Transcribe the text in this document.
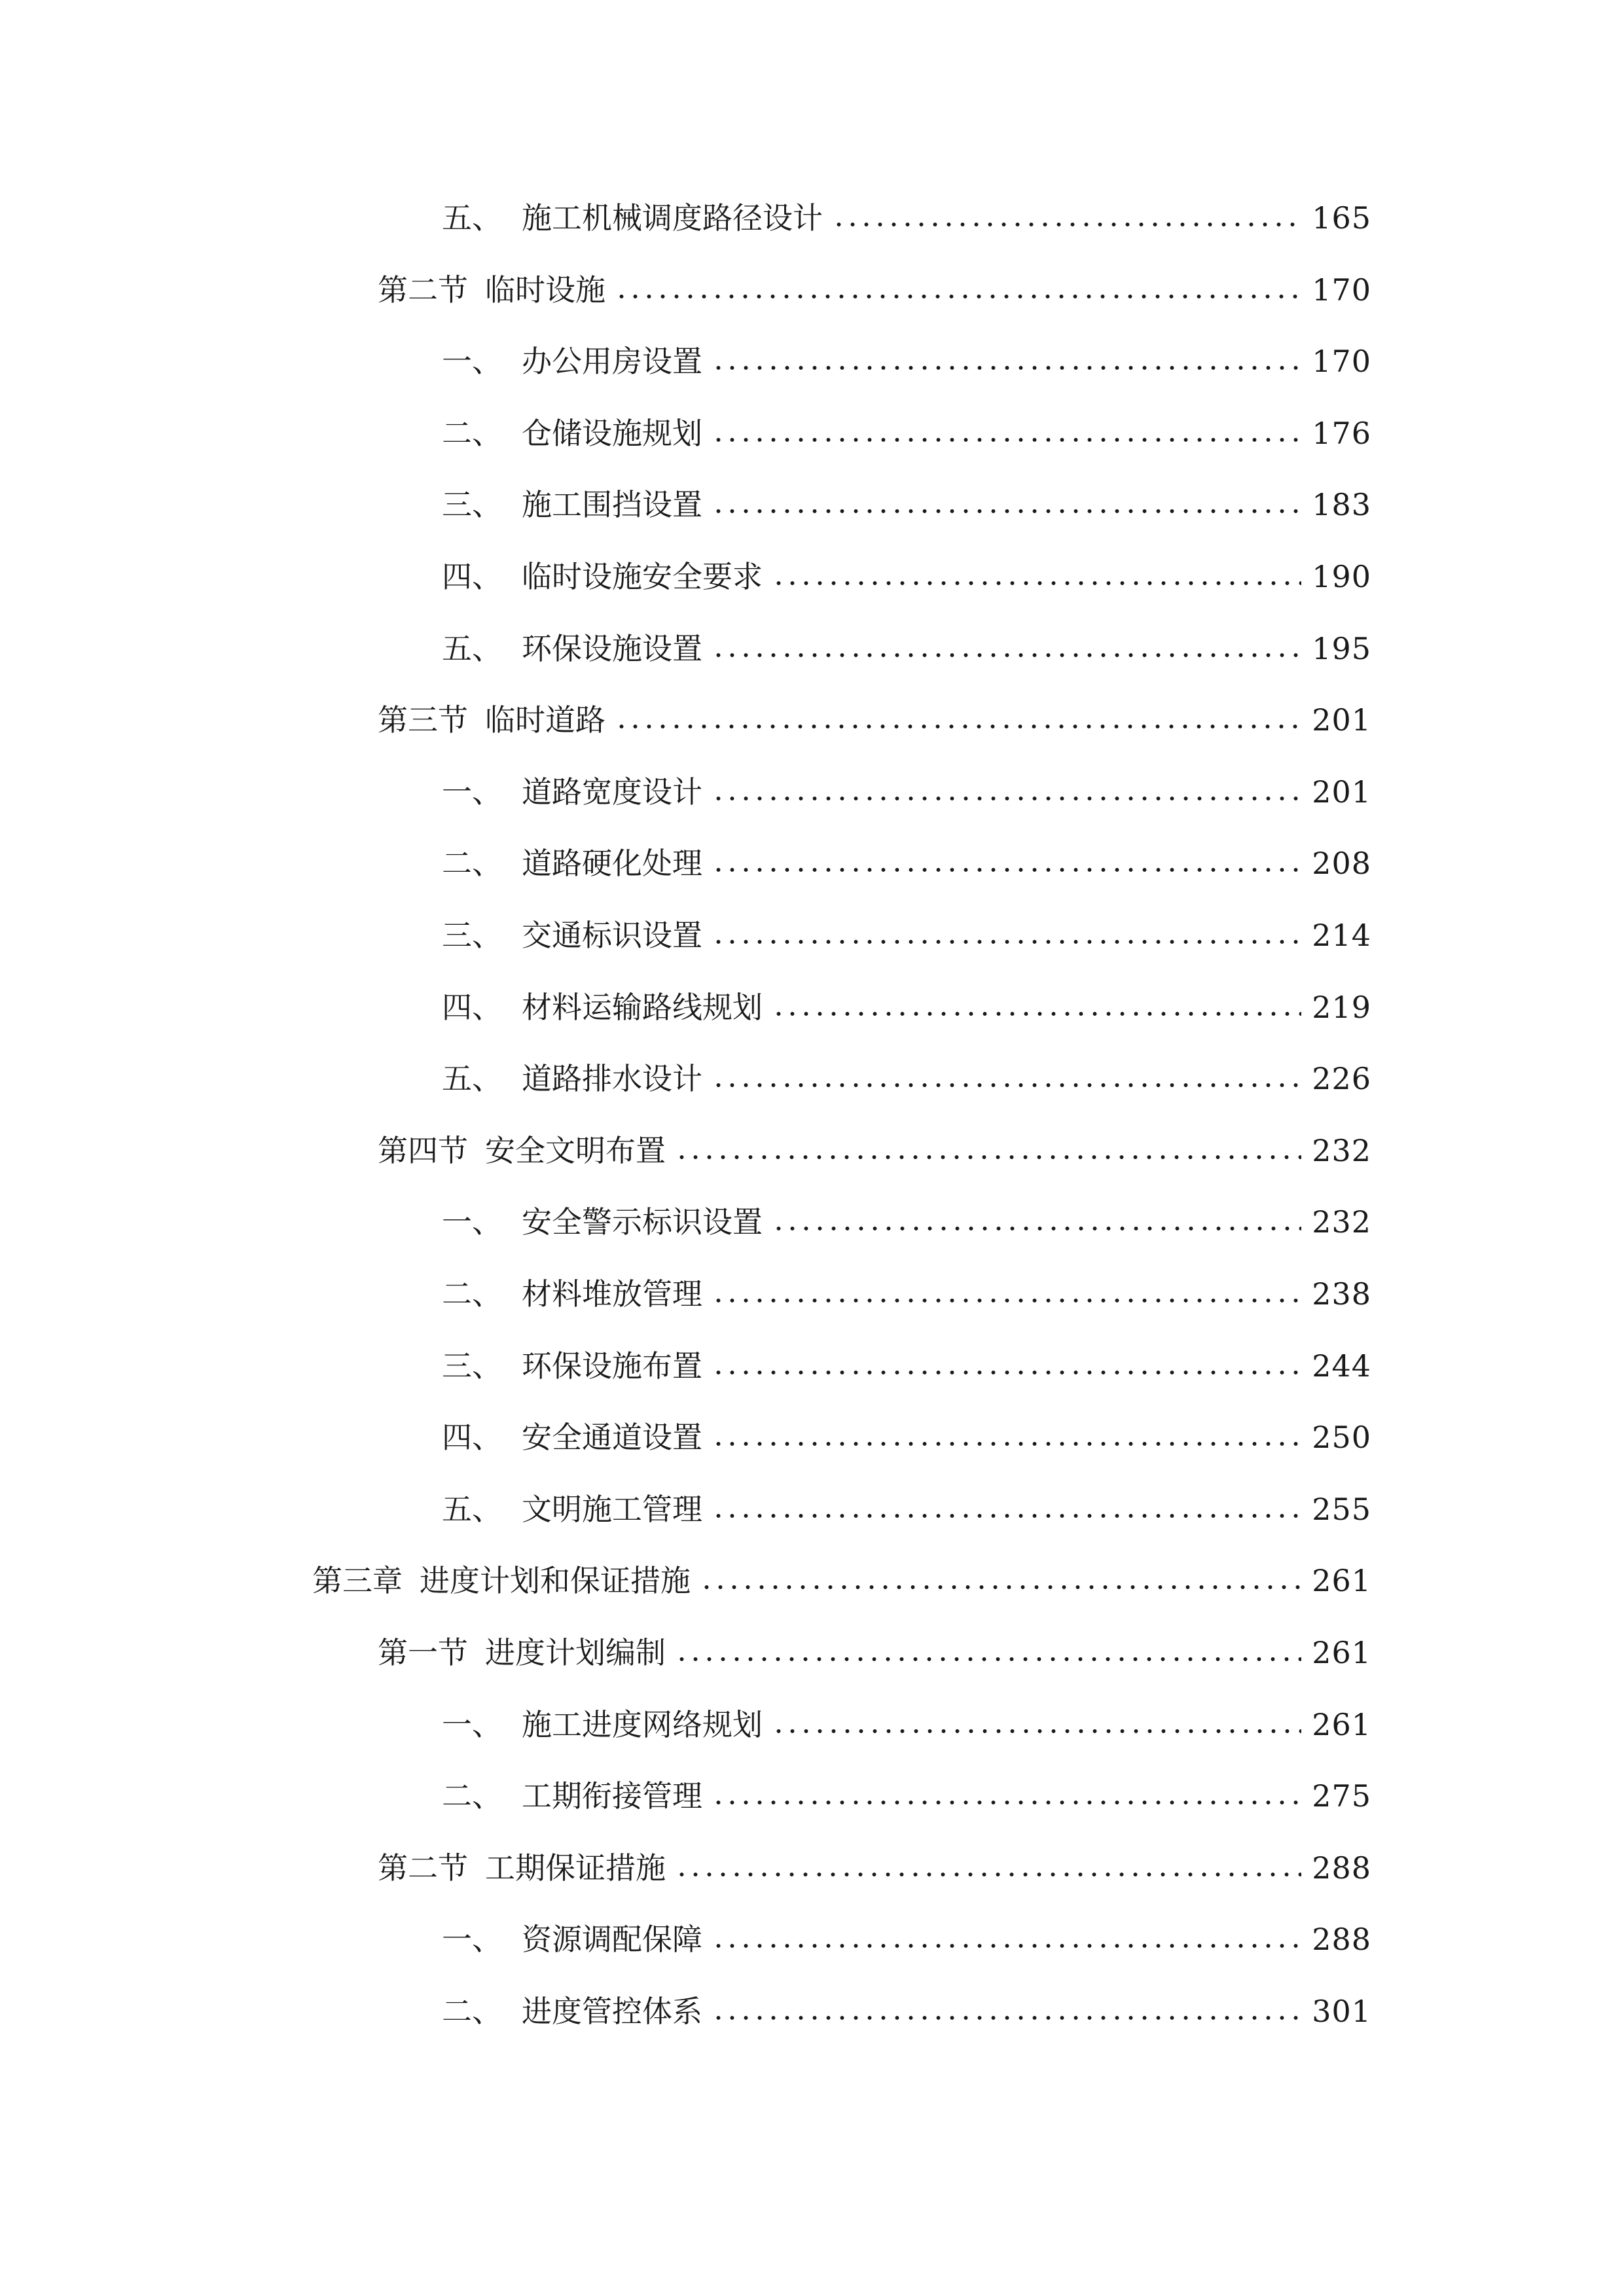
五、 施工机械调度路径设计	165
第二节 临时设施	170
一、 办公用房设置	170
二、 仓储设施规划	176
三、 施工围挡设置	183
四、 临时设施安全要求	190
五、 环保设施设置	195
第三节 临时道路	201
一、 道路宽度设计	201
二、 道路硬化处理	208
三、 交通标识设置	214
四、 材料运输路线规划	219
五、 道路排水设计	226
第四节 安全文明布置	232
一、 安全警示标识设置	232
二、 材料堆放管理	238
三、 环保设施布置	244
四、 安全通道设置	250
五、 文明施工管理	255
第三章 进度计划和保证措施	261
第一节 进度计划编制	261
一、 施工进度网络规划	261
二、 工期衔接管理	275
第二节 工期保证措施	288
一、 资源调配保障	288
二、 进度管控体系	301
